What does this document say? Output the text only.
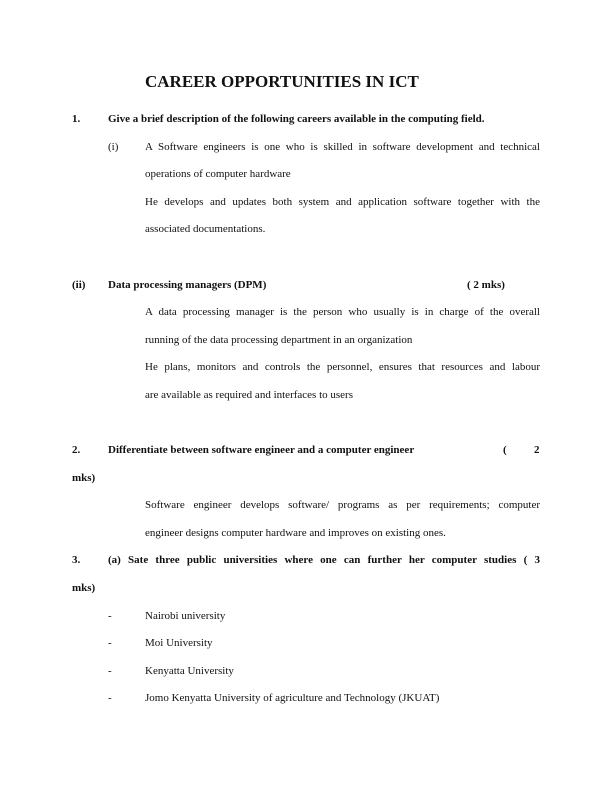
CAREER OPPORTUNITIES IN ICT
1.	Give a brief description of the following careers available in the computing field.
(i) A Software engineers is one who is skilled in software development and technical
operations of computer hardware
He develops and updates both system and application software together with the
associated documentations.
(ii) Data processing managers (DPM)	( 2 mks)
A data processing manager is the person who usually is in charge of the overall
running of the data processing department in an organization
He plans, monitors and controls the personnel, ensures that resources and labour
are available as required and interfaces to users
2.	Differentiate between software engineer and a computer engineer	( 2
mks)
Software engineer develops software/ programs as per requirements; computer
engineer designs computer hardware and improves on existing ones.
3.	(a) Sate three public universities where one can further her computer studies ( 3
mks)
-	Nairobi university
-	Moi University
-	Kenyatta University
-	Jomo Kenyatta University of agriculture and Technology (JKUAT)
